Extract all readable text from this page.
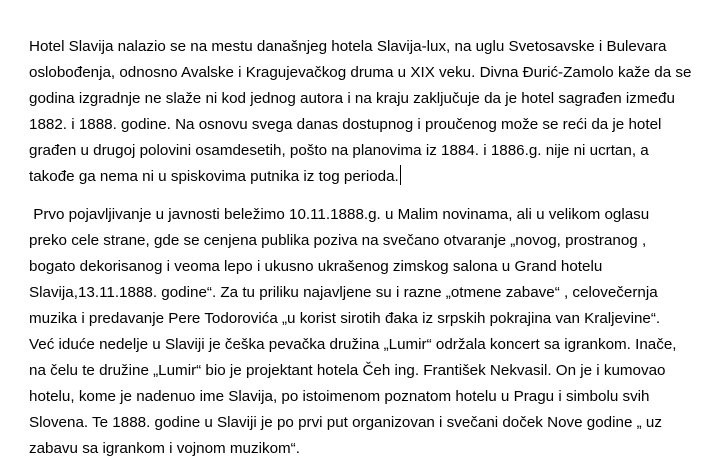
Hotel Slavija nalazio se na mestu današnjeg hotela Slavija-lux, na uglu Svetosavske i Bulevara
oslobođenja, odnosno Avalske i Kragujevačkog druma u XIX veku. Divna Đurić-Zamolo kaže da se
godina izgradnje ne slaže ni kod jednog autora i na kraju zaključuje da je hotel sagrađen između
1882. i 1888. godine. Na osnovu svega danas dostupnog i proučenog može se reći da je hotel
građen u drugoj polovini osamdesetih, pošto na planovima iz 1884. i 1886.g. nije ni ucrtan, a
takođe ga nema ni u spiskovima putnika iz tog perioda.

Prvo pojavljivanje u javnosti beležimo 10.11.1888.g. u Malim novinama, ali u velikom oglasu
preko cele strane, gde se cenjena publika poziva na svečano otvaranje „novog, prostranog ,
bogato dekorisanog i veoma lepo i ukusno ukrašenog zimskog salona u Grand hotelu
Slavija,13.11.1888. godine“. Za tu priliku najavljene su i razne „otmene zabave“ , celovečernja
muzika i predavanje Pere Todorovića „u korist sirotih đaka iz srpskih pokrajina van Kraljevine“.
Već iduće nedelje u Slaviji je češka pevačka družina „Lumir“ održala koncert sa igrankom. Inače,
na čelu te družine „Lumir“ bio je projektant hotela Čeh ing. František Nekvasil. On je i kumovao
hotelu, kome je nadenuo ime Slavija, po istoimenom poznatom hotelu u Pragu i simbolu svih
Slovena. Te 1888. godine u Slaviji je po prvi put organizovan i svečani doček Nove godine „ uz
zabavu sa igrankom i vojnom muzikom“.
